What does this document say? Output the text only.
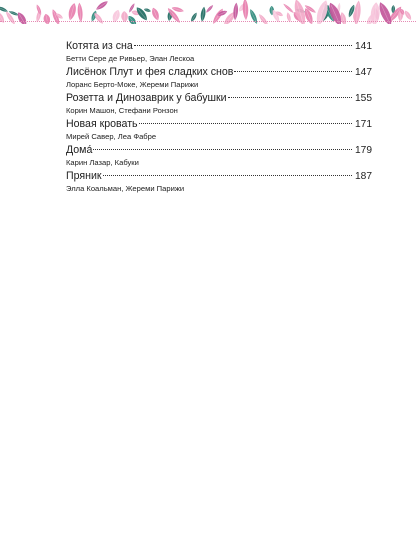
Котята из сна	141
Бетти Сере де Ривьер, Элан Лескоа
Лисёнок Плут и фея сладких снов	147
Лоранс Берто-Моке, Жереми Парижи
Розетта и Динозаврик у бабушки	155
Корин Машон, Стефани Ронзон
Новая кровать	171
Мирей Савер, Леа Фабре
Домá	179
Карин Лазар, Кабуки
Пряник	187
Элла Коальман, Жереми Парижи
